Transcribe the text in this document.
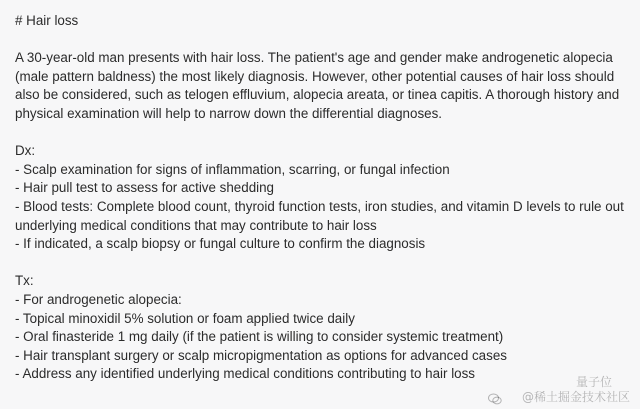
# Hair loss

A 30-year-old man presents with hair loss. The patient's age and gender make androgenetic alopecia (male pattern baldness) the most likely diagnosis. However, other potential causes of hair loss should also be considered, such as telogen effluvium, alopecia areata, or tinea capitis. A thorough history and physical examination will help to narrow down the differential diagnoses.

Dx:

- Scalp examination for signs of inflammation, scarring, or fungal infection
- Hair pull test to assess for active shedding
- Blood tests: Complete blood count, thyroid function tests, iron studies, and vitamin D levels to rule out underlying medical conditions that may contribute to hair loss
- If indicated, a scalp biopsy or fungal culture to confirm the diagnosis

Tx:

- For androgenetic alopecia:
- Topical minoxidil 5% solution or foam applied twice daily
- Oral finasteride 1 mg daily (if the patient is willing to consider systemic treatment)
- Hair transplant surgery or scalp micropigmentation as options for advanced cases
- Address any identified underlying medical conditions contributing to hair loss
量子位
@稀土掘金技术社区
